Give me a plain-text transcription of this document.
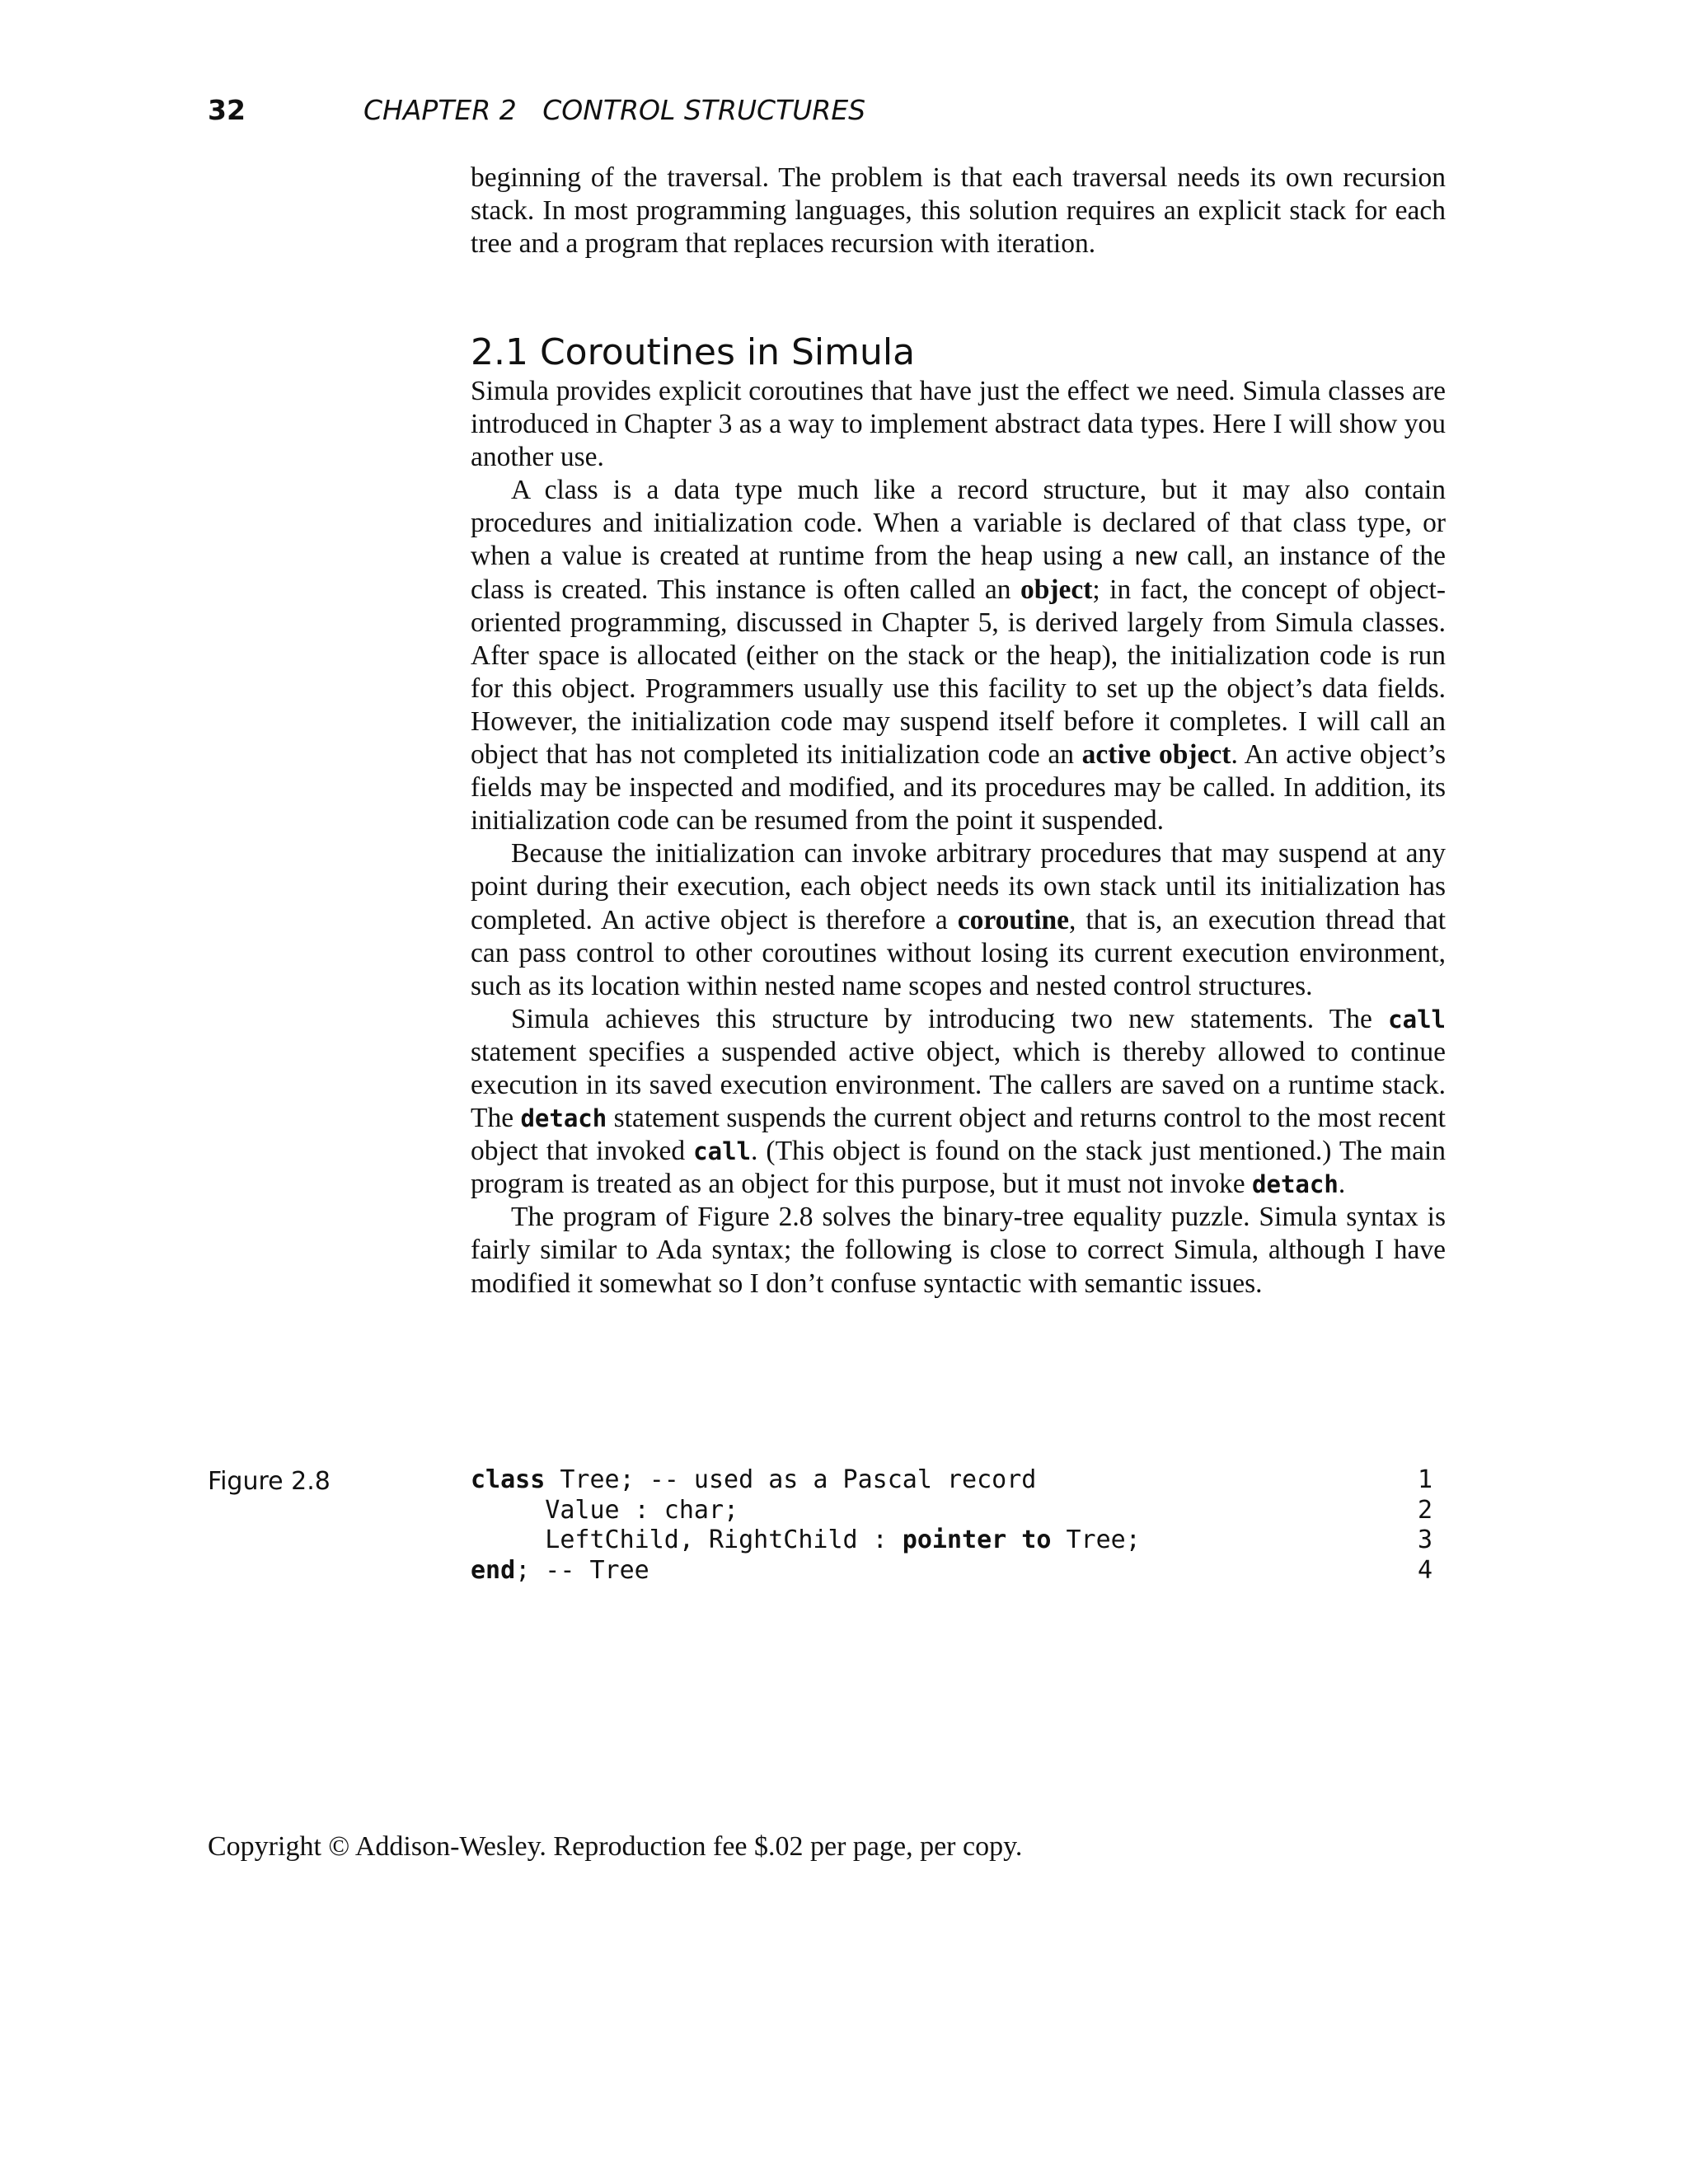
32	CHAPTER 2   CONTROL STRUCTURES

beginning of the traversal. The problem is that each traversal needs its own recursion stack. In most programming languages, this solution requires an explicit stack for each tree and a program that replaces recursion with iteration.

2.1 Coroutines in Simula

Simula provides explicit coroutines that have just the effect we need. Simula classes are introduced in Chapter 3 as a way to implement abstract data types. Here I will show you another use.

A class is a data type much like a record structure, but it may also contain procedures and initialization code. When a variable is declared of that class type, or when a value is created at runtime from the heap using a new call, an instance of the class is created. This instance is often called an object; in fact, the concept of object-oriented programming, discussed in Chapter 5, is derived largely from Simula classes. After space is allocated (either on the stack or the heap), the initialization code is run for this object. Programmers usually use this facility to set up the object’s data fields. However, the initialization code may suspend itself before it completes. I will call an object that has not completed its initialization code an active object. An active object’s fields may be inspected and modified, and its procedures may be called. In addition, its initialization code can be resumed from the point it suspended.

Because the initialization can invoke arbitrary procedures that may suspend at any point during their execution, each object needs its own stack until its initialization has completed. An active object is therefore a coroutine, that is, an execution thread that can pass control to other coroutines without losing its current execution environment, such as its location within nested name scopes and nested control structures.

Simula achieves this structure by introducing two new statements. The call statement specifies a suspended active object, which is thereby allowed to continue execution in its saved execution environment. The callers are saved on a runtime stack. The detach statement suspends the current object and returns control to the most recent object that invoked call. (This object is found on the stack just mentioned.) The main program is treated as an object for this purpose, but it must not invoke detach.

The program of Figure 2.8 solves the binary-tree equality puzzle. Simula syntax is fairly similar to Ada syntax; the following is close to correct Simula, although I have modified it somewhat so I don’t confuse syntactic with semantic issues.

Figure 2.8	class Tree; -- used as a Pascal record	1
Value : char;	2
LeftChild, RightChild : pointer to Tree;	3
end; -- Tree	4
Copyright © Addison-Wesley. Reproduction fee $.02 per page, per copy.
